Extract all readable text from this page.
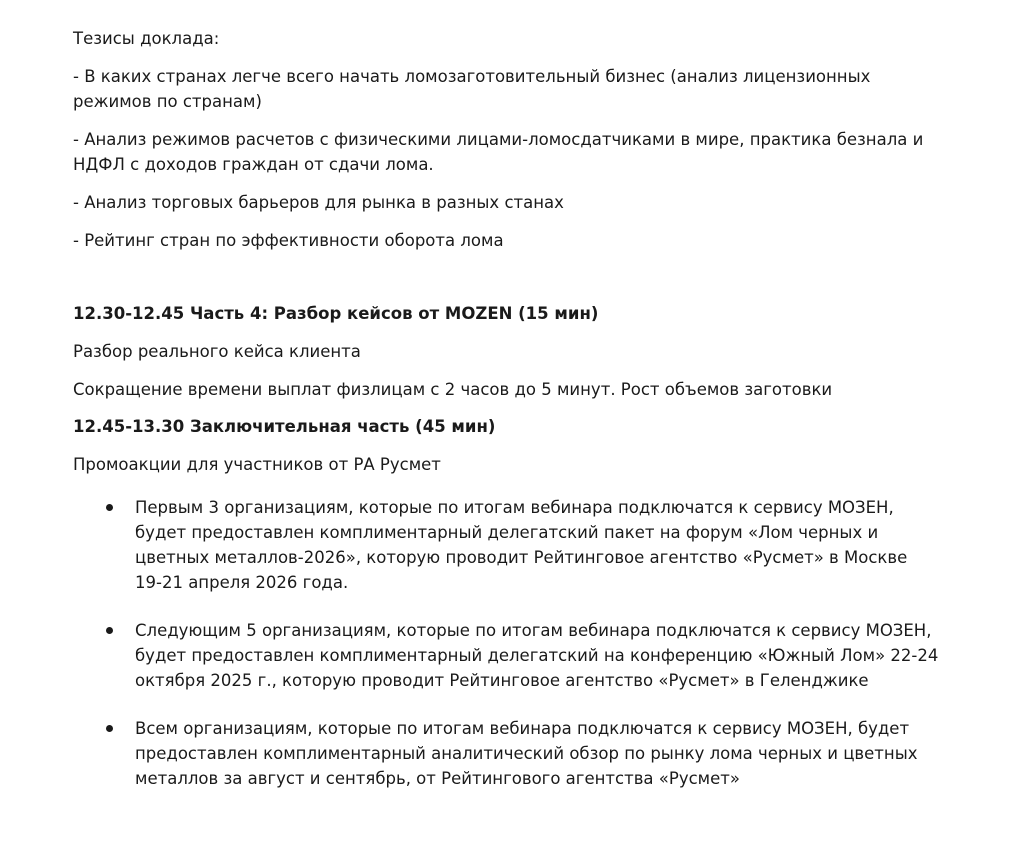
Тезисы доклада:

- В каких странах легче всего начать ломозаготовительный бизнес (анализ лицензионных
режимов по странам)

- Анализ режимов расчетов с физическими лицами-ломосдатчиками в мире, практика безнала и
НДФЛ с доходов граждан от сдачи лома.

- Анализ торговых барьеров для рынка в разных станах

- Рейтинг стран по эффективности оборота лома

12.30-12.45 Часть 4: Разбор кейсов от MOZEN (15 мин)

Разбор реального кейса клиента

Сокращение времени выплат физлицам с 2 часов до 5 минут. Рост объемов заготовки

12.45-13.30 Заключительная часть (45 мин)

Промоакции для участников от РА Русмет

Первым 3 организациям, которые по итогам вебинара подключатся к сервису МОЗЕН,
будет предоставлен комплиментарный делегатский пакет на форум «Лом черных и
цветных металлов-2026», которую проводит Рейтинговое агентство «Русмет» в Москве
19-21 апреля 2026 года.
Следующим 5 организациям, которые по итогам вебинара подключатся к сервису МОЗЕН,
будет предоставлен комплиментарный делегатский на конференцию «Южный Лом» 22-24
октября 2025 г., которую проводит Рейтинговое агентство «Русмет» в Геленджике
Всем организациям, которые по итогам вебинара подключатся к сервису МОЗЕН, будет
предоставлен комплиментарный аналитический обзор по рынку лома черных и цветных
металлов за август и сентябрь, от Рейтингового агентства «Русмет»
